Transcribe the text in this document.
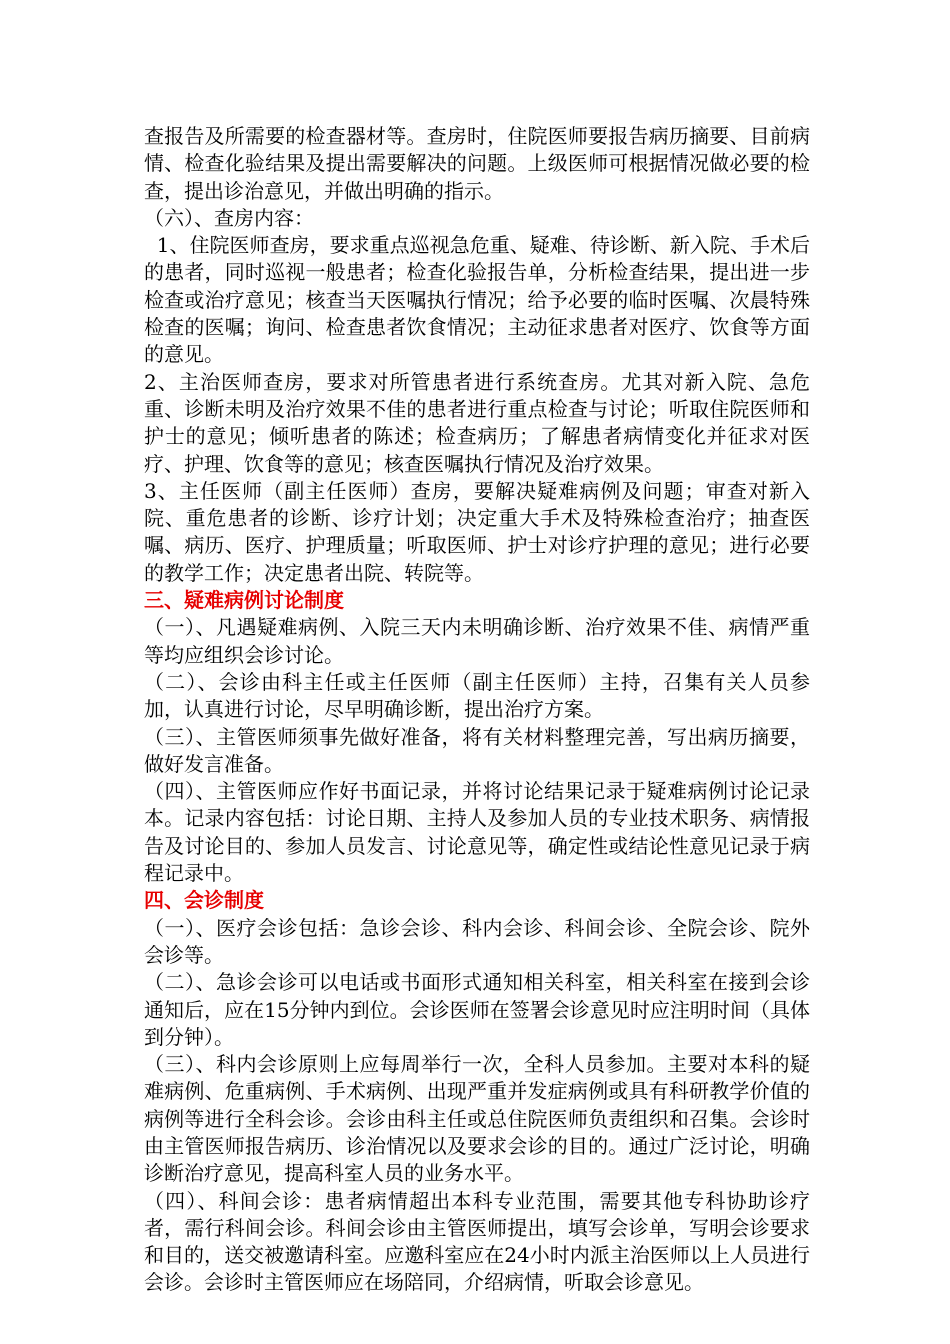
查报告及所需要的检查器材等。查房时，住院医师要报告病历摘要、目前病情、检查化验结果及提出需要解决的问题。上级医师可根据情况做必要的检查，提出诊治意见，并做出明确的指示。

（六）、查房内容：

1、住院医师查房，要求重点巡视急危重、疑难、待诊断、新入院、手术后的患者，同时巡视一般患者；检查化验报告单，分析检查结果，提出进一步检查或治疗意见；核查当天医嘱执行情况；给予必要的临时医嘱、次晨特殊检查的医嘱；询问、检查患者饮食情况；主动征求患者对医疗、饮食等方面的意见。

2、主治医师查房，要求对所管患者进行系统查房。尤其对新入院、急危重、诊断未明及治疗效果不佳的患者进行重点检查与讨论；听取住院医师和护士的意见；倾听患者的陈述；检查病历；了解患者病情变化并征求对医疗、护理、饮食等的意见；核查医嘱执行情况及治疗效果。

3、主任医师（副主任医师）查房，要解决疑难病例及问题；审查对新入院、重危患者的诊断、诊疗计划；决定重大手术及特殊检查治疗；抽查医嘱、病历、医疗、护理质量；听取医师、护士对诊疗护理的意见；进行必要的教学工作；决定患者出院、转院等。

三、疑难病例讨论制度

（一）、凡遇疑难病例、入院三天内未明确诊断、治疗效果不佳、病情严重等均应组织会诊讨论。

（二）、会诊由科主任或主任医师（副主任医师）主持，召集有关人员参加，认真进行讨论，尽早明确诊断，提出治疗方案。

（三）、主管医师须事先做好准备，将有关材料整理完善，写出病历摘要，做好发言准备。

（四）、主管医师应作好书面记录，并将讨论结果记录于疑难病例讨论记录本。记录内容包括：讨论日期、主持人及参加人员的专业技术职务、病情报告及讨论目的、参加人员发言、讨论意见等，确定性或结论性意见记录于病程记录中。

四、会诊制度

（一）、医疗会诊包括：急诊会诊、科内会诊、科间会诊、全院会诊、院外会诊等。

（二）、急诊会诊可以电话或书面形式通知相关科室，相关科室在接到会诊通知后，应在15分钟内到位。会诊医师在签署会诊意见时应注明时间（具体到分钟）。

（三）、科内会诊原则上应每周举行一次，全科人员参加。主要对本科的疑难病例、危重病例、手术病例、出现严重并发症病例或具有科研教学价值的病例等进行全科会诊。会诊由科主任或总住院医师负责组织和召集。会诊时由主管医师报告病历、诊治情况以及要求会诊的目的。通过广泛讨论，明确诊断治疗意见，提高科室人员的业务水平。

（四）、科间会诊：患者病情超出本科专业范围，需要其他专科协助诊疗者，需行科间会诊。科间会诊由主管医师提出，填写会诊单，写明会诊要求和目的，送交被邀请科室。应邀科室应在24小时内派主治医师以上人员进行会诊。会诊时主管医师应在场陪同，介绍病情，听取会诊意见。
